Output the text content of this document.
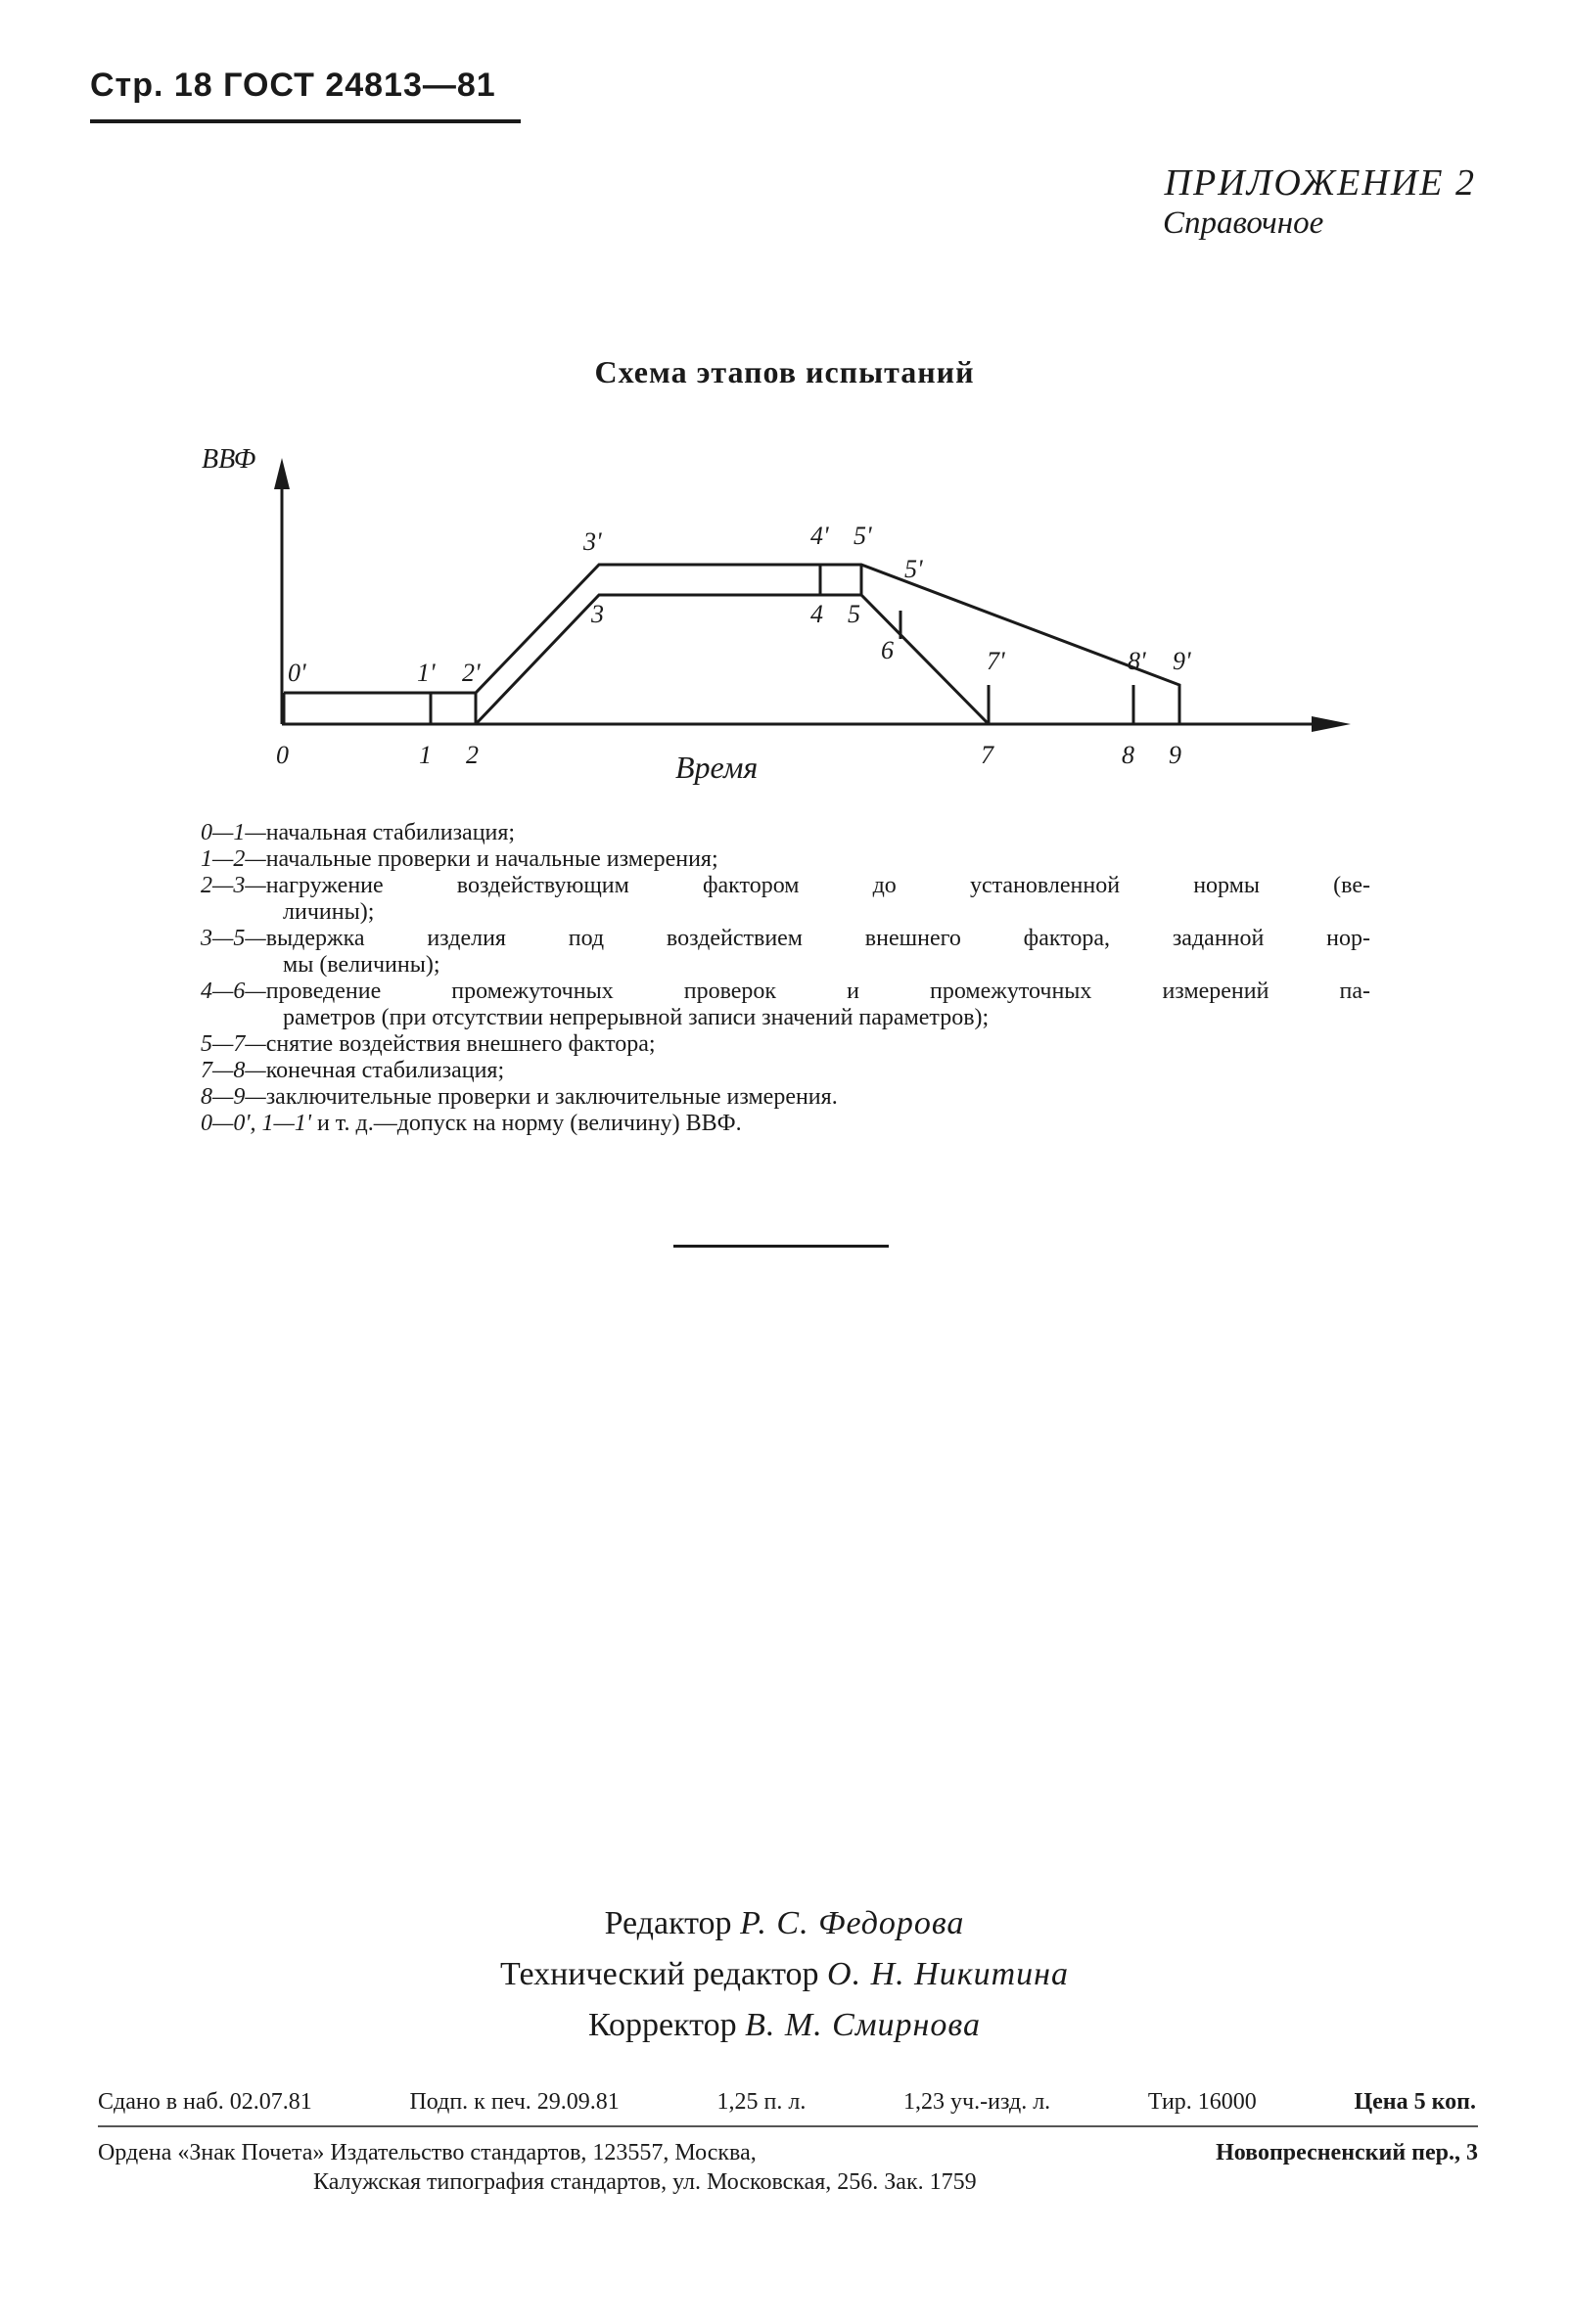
Стр. 18 ГОСТ 24813—81
ПРИЛОЖЕНИЕ 2
Справочное
Схема этапов испытаний
ВВФ
Время
0	1 2
3	4 5
6
7	8 9
0'	1' 2'
3'	4' 5'
5'
7'	8' 9'
0—1— начальная стабилизация;
1—2— начальные проверки и начальные измерения;
2—3— нагружение воздействующим фактором до установленной нормы (ве-
личины);
3—5— выдержка изделия под воздействием внешнего фактора, заданной нор-
мы (величины);
4—6— проведение промежуточных проверок и промежуточных измерений па-
раметров (при отсутствии непрерывной записи значений параметров);
5—7— снятие воздействия внешнего фактора;
7—8— конечная стабилизация;
8—9— заключительные проверки и заключительные измерения.
0—0', 1—1' и т. д.—допуск на норму (величину) ВВФ.
Редактор Р. С. Федорова
Технический редактор О. Н. Никитина
Корректор В. М. Смирнова
Сдано в наб. 02.07.81	Подп. к печ. 29.09.81	1,25 п. л.	1,23 уч.-изд. л.	Тир. 16000	Цена 5 коп.
Ордена «Знак Почета» Издательство стандартов, 123557, Москва,	Новопресненский пер., 3
Калужская типография стандартов, ул. Московская, 256. Зак. 1759
